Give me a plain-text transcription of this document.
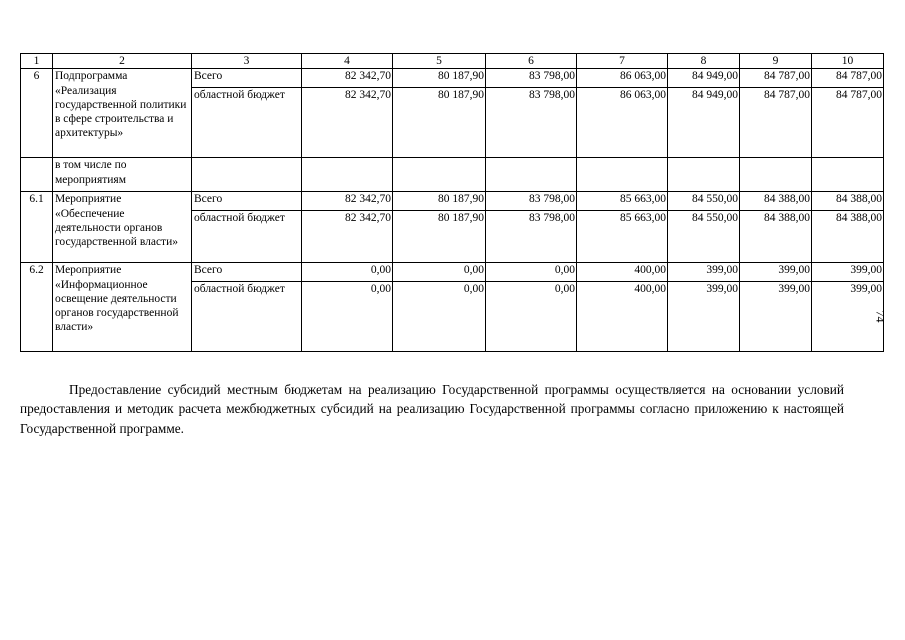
1	2	3	4	5	6	7	8	9	10
6	Подпрограмма «Реализация государственной политики в сфере строительства и архитектуры»	Всего	82 342,70	80 187,90	83 798,00	86 063,00	84 949,00	84 787,00	84 787,00
		областной бюджет	82 342,70	80 187,90	83 798,00	86 063,00	84 949,00	84 787,00	84 787,00
	в том числе по мероприятиям								
6.1	Мероприятие «Обеспечение деятельности органов государственной власти»	Всего	82 342,70	80 187,90	83 798,00	85 663,00	84 550,00	84 388,00	84 388,00
		областной бюджет	82 342,70	80 187,90	83 798,00	85 663,00	84 550,00	84 388,00	84 388,00
6.2	Мероприятие «Информационное освещение деятельности органов государственной власти»	Всего	0,00	0,00	0,00	400,00	399,00	399,00	399,00
		областной бюджет	0,00	0,00	0,00	400,00	399,00	399,00	399,00
74

Предоставление субсидий местным бюджетам на реализацию Государственной программы осуществляется на основании условий предоставления и методик расчета межбюджетных субсидий на реализацию Государственной программы согласно приложению к настоящей Государственной программе.
